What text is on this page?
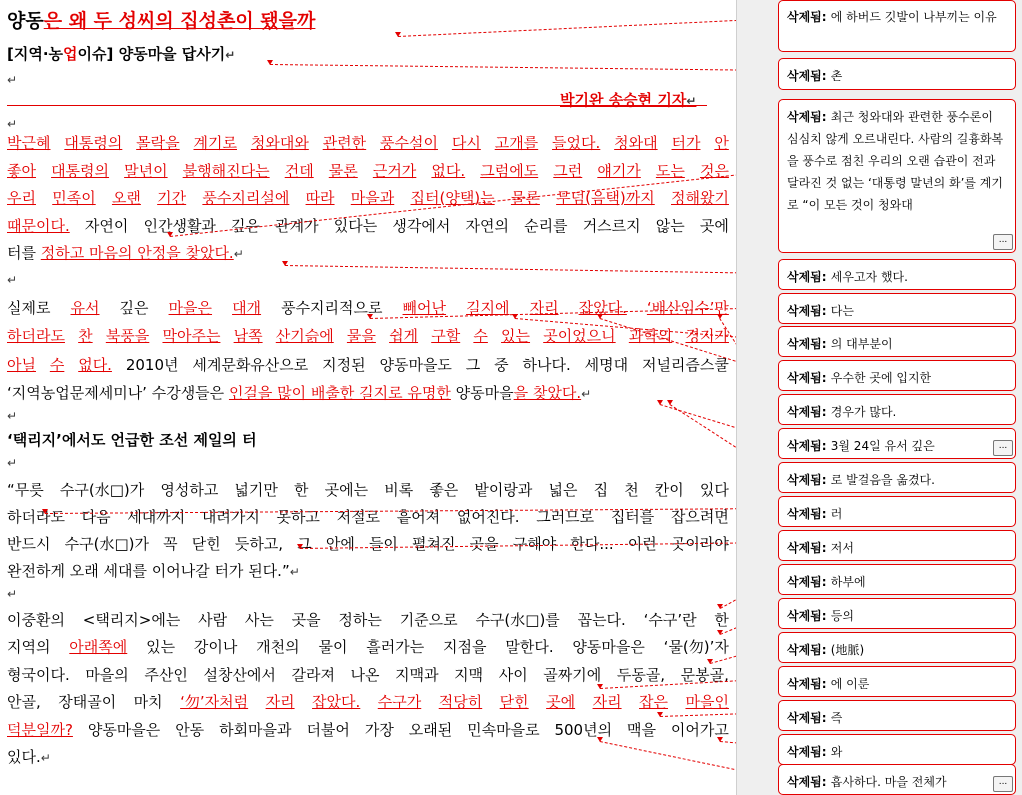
양동은 왜 두 성씨의 집성촌이 됐을까
[지역·농업이슈] 양동마을 답사기↵
↵
박기완 송승현 기자↵
↵
박근혜 대통령의 몰락을 계기로 청와대와 관련한 풍수설이 다시 고개를 들었다. 청와대 터가 안
좋아 대통령의 말년이 불행해진다는 건데 물론 근거가 없다. 그럼에도 그런 얘기가 도는 것은
우리 민족이 오랜 기간 풍수지리설에 따라 마을과 집터(양택)는 물론 무덤(음택)까지 정해왔기
때문이다. 자연이 인간생활과 깊은 관계가 있다는 생각에서 자연의 순리를 거스르지 않는 곳에
터를 정하고 마음의 안정을 찾았다.↵
↵
실제로 유서 깊은 마을은 대개 풍수지리적으로 빼어난 길지에 자리 잡았다. ‘배산임수’만
하더라도 찬 북풍을 막아주는 남쪽 산기슭에 물을 쉽게 구할 수 있는 곳이었으니 과학의 경지가
아닐 수 없다. 2010년 세계문화유산으로 지정된 양동마을도 그 중 하나다. 세명대 저널리즘스쿨
‘지역농업문제세미나’ 수강생들은 인걸을 많이 배출한 길지로 유명한 양동마을을 찾았다.↵
↵
‘택리지’에서도 언급한 조선 제일의 터
↵
“무릇 수구(水□)가 영성하고 넓기만 한 곳에는 비록 좋은 밭이랑과 넓은 집 천 칸이 있다
하더라도 다음 세대까지 내려가지 못하고 저절로 흩어져 없어진다. 그러므로 집터를 잡으려면
반드시 수구(水□)가 꼭 닫힌 듯하고, 그 안에 들이 펼쳐진 곳을 구해야 한다... 이런 곳이라야
완전하게 오래 세대를 이어나갈 터가 된다.”↵
↵
이중환의 <택리지>에는 사람 사는 곳을 정하는 기준으로 수구(水□)를 꼽는다. ‘수구’란 한
지역의 아래쪽에 있는 강이나 개천의 물이 흘러가는 지점을 말한다. 양동마을은 ‘물(勿)’자
형국이다. 마을의 주산인 설창산에서 갈라져 나온 지맥과 지맥 사이 골짜기에 두동골, 문봉골,
안골, 장태골이 마치 ‘勿’자처럼 자리 잡았다. 수구가 적당히 닫힌 곳에 자리 잡은 마을인
덕분일까? 양동마을은 안동 하회마을과 더불어 가장 오래된 민속마을로 500년의 맥을 이어가고
있다.↵
삭제됨: 에 하버드 깃발이 나부끼는 이유
삭제됨: 촌
삭제됨: 최근 청와대와 관련한 풍수론이 심심치 않게 오르내린다. 사람의 길흉화복을 풍수로 점친 우리의 오랜 습관이 전과 달라진 것 없는 ‘대통령 말년의 화’를 계기로 “이 모든 것이 청와대
...
삭제됨: 세우고자 했다.
삭제됨: 다는
삭제됨: 의 대부분이
삭제됨: 우수한 곳에 입지한
삭제됨: 경우가 많다.
삭제됨: 3월 24일 유서 깊은	...
삭제됨: 로 발걸음을 옮겼다.
삭제됨: 러
삭제됨: 저서
삭제됨: 하부에
삭제됨: 등의
삭제됨: (地脈)
삭제됨: 에 이룬
삭제됨: 즉
삭제됨: 와
삭제됨: 흡사하다. 마을 전체가	...
